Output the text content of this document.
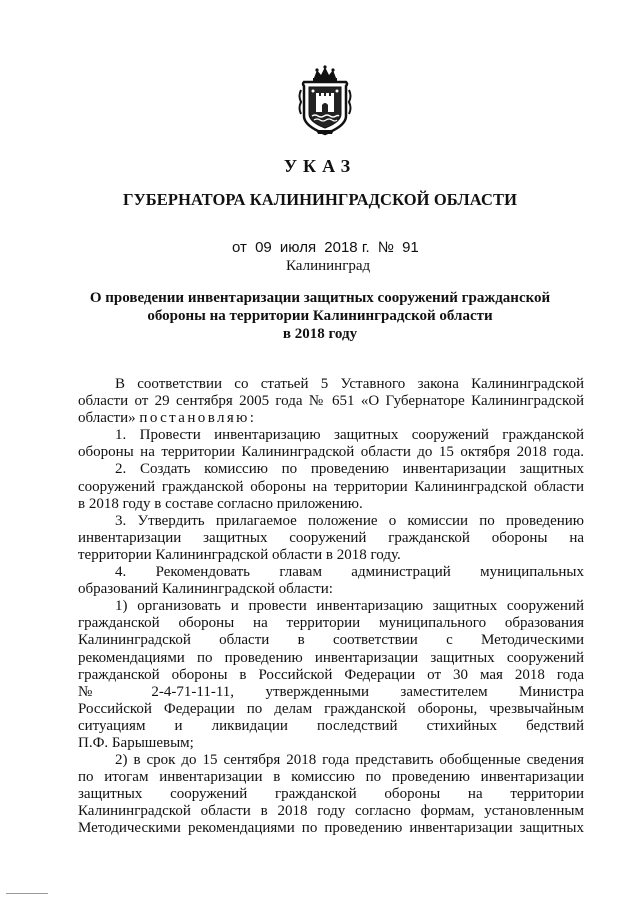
УКАЗ
ГУБЕРНАТОРА КАЛИНИНГРАДСКОЙ ОБЛАСТИ
от 09 июля 2018 г. № 91
Калининград
О проведении инвентаризации защитных сооружений гражданской
обороны на территории Калининградской области
в 2018 году
В соответствии со статьей 5 Уставного закона Калининградской
области от 29 сентября 2005 года № 651 «О Губернаторе Калининградской
области» постановляю:
1. Провести инвентаризацию защитных сооружений гражданской
обороны на территории Калининградской области до 15 октября 2018 года.
2. Создать комиссию по проведению инвентаризации защитных
сооружений гражданской обороны на территории Калининградской области
в 2018 году в составе согласно приложению.
3. Утвердить прилагаемое положение о комиссии по проведению
инвентаризации защитных сооружений гражданской обороны на
территории Калининградской области в 2018 году.
4. Рекомендовать главам администраций муниципальных
образований Калининградской области:
1) организовать и провести инвентаризацию защитных сооружений
гражданской обороны на территории муниципального образования
Калининградской области в соответствии с Методическими
рекомендациями по проведению инвентаризации защитных сооружений
гражданской обороны в Российской Федерации от 30 мая 2018 года
№ 2-4-71-11-11, утвержденными заместителем Министра
Российской Федерации по делам гражданской обороны, чрезвычайным
ситуациям и ликвидации последствий стихийных бедствий
П.Ф. Барышевым;
2) в срок до 15 сентября 2018 года представить обобщенные сведения
по итогам инвентаризации в комиссию по проведению инвентаризации
защитных сооружений гражданской обороны на территории
Калининградской области в 2018 году согласно формам, установленным
Методическими рекомендациями по проведению инвентаризации защитных
